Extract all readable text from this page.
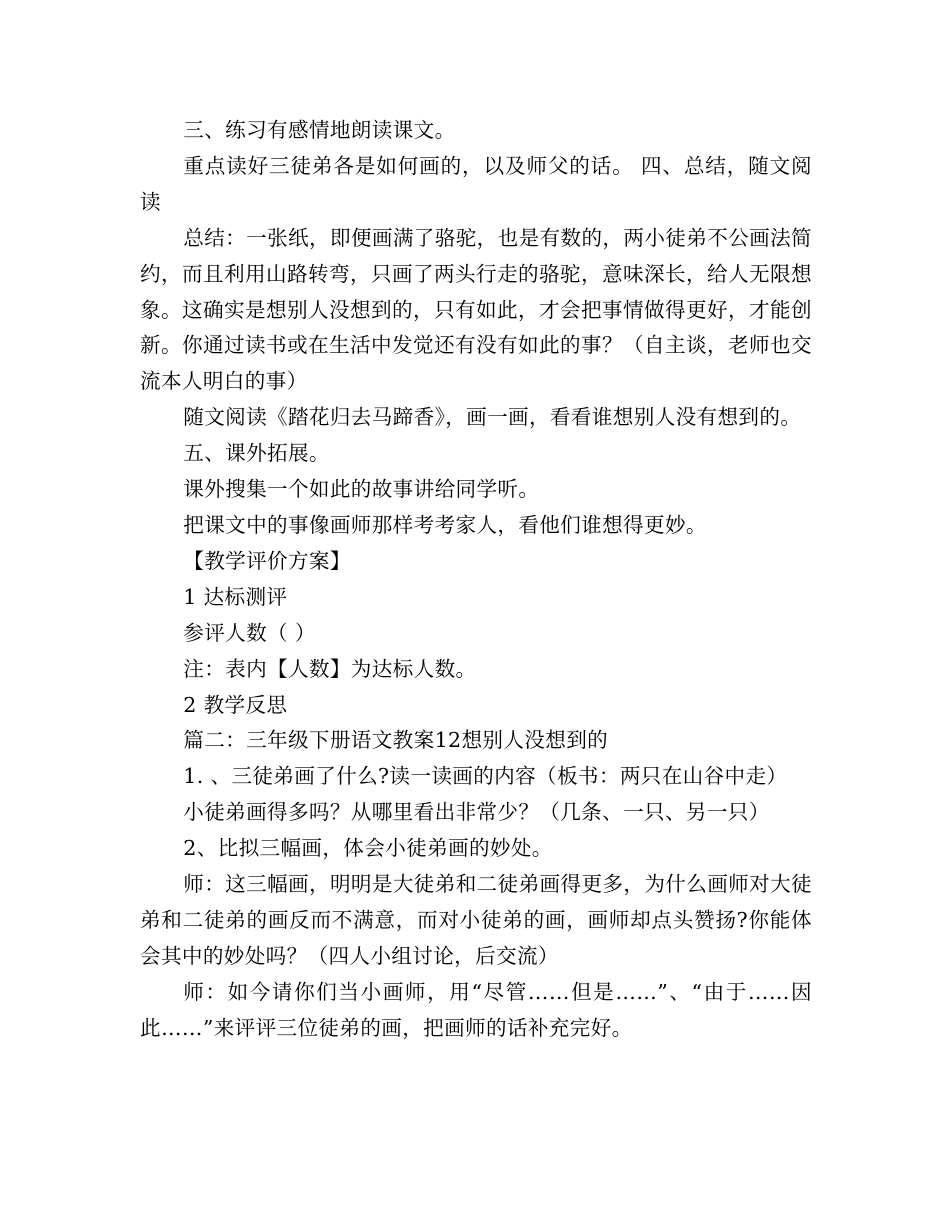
三、练习有感情地朗读课文。

重点读好三徒弟各是如何画的，以及师父的话。 四、总结，随文阅读

总结：一张纸，即便画满了骆驼，也是有数的，两小徒弟不公画法简约，而且利用山路转弯，只画了两头行走的骆驼，意味深长，给人无限想象。这确实是想别人没想到的，只有如此，才会把事情做得更好，才能创新。你通过读书或在生活中发觉还有没有如此的事？（自主谈，老师也交流本人明白的事）

随文阅读《踏花归去马蹄香》，画一画，看看谁想别人没有想到的。

五、课外拓展。

课外搜集一个如此的故事讲给同学听。

把课文中的事像画师那样考考家人，看他们谁想得更妙。

【教学评价方案】

1 达标测评

参评人数（ ）

注：表内【人数】为达标人数。

2 教学反思

篇二：三年级下册语文教案12想别人没想到的

1. 、三徒弟画了什么?读一读画的内容（板书：两只在山谷中走）

小徒弟画得多吗？从哪里看出非常少？（几条、一只、另一只）

2、比拟三幅画，体会小徒弟画的妙处。

师：这三幅画，明明是大徒弟和二徒弟画得更多，为什么画师对大徒弟和二徒弟的画反而不满意，而对小徒弟的画，画师却点头赞扬?你能体会其中的妙处吗？（四人小组讨论，后交流）

师：如今请你们当小画师，用“尽管……但是……”、“由于……因此……”来评评三位徒弟的画，把画师的话补充完好。
